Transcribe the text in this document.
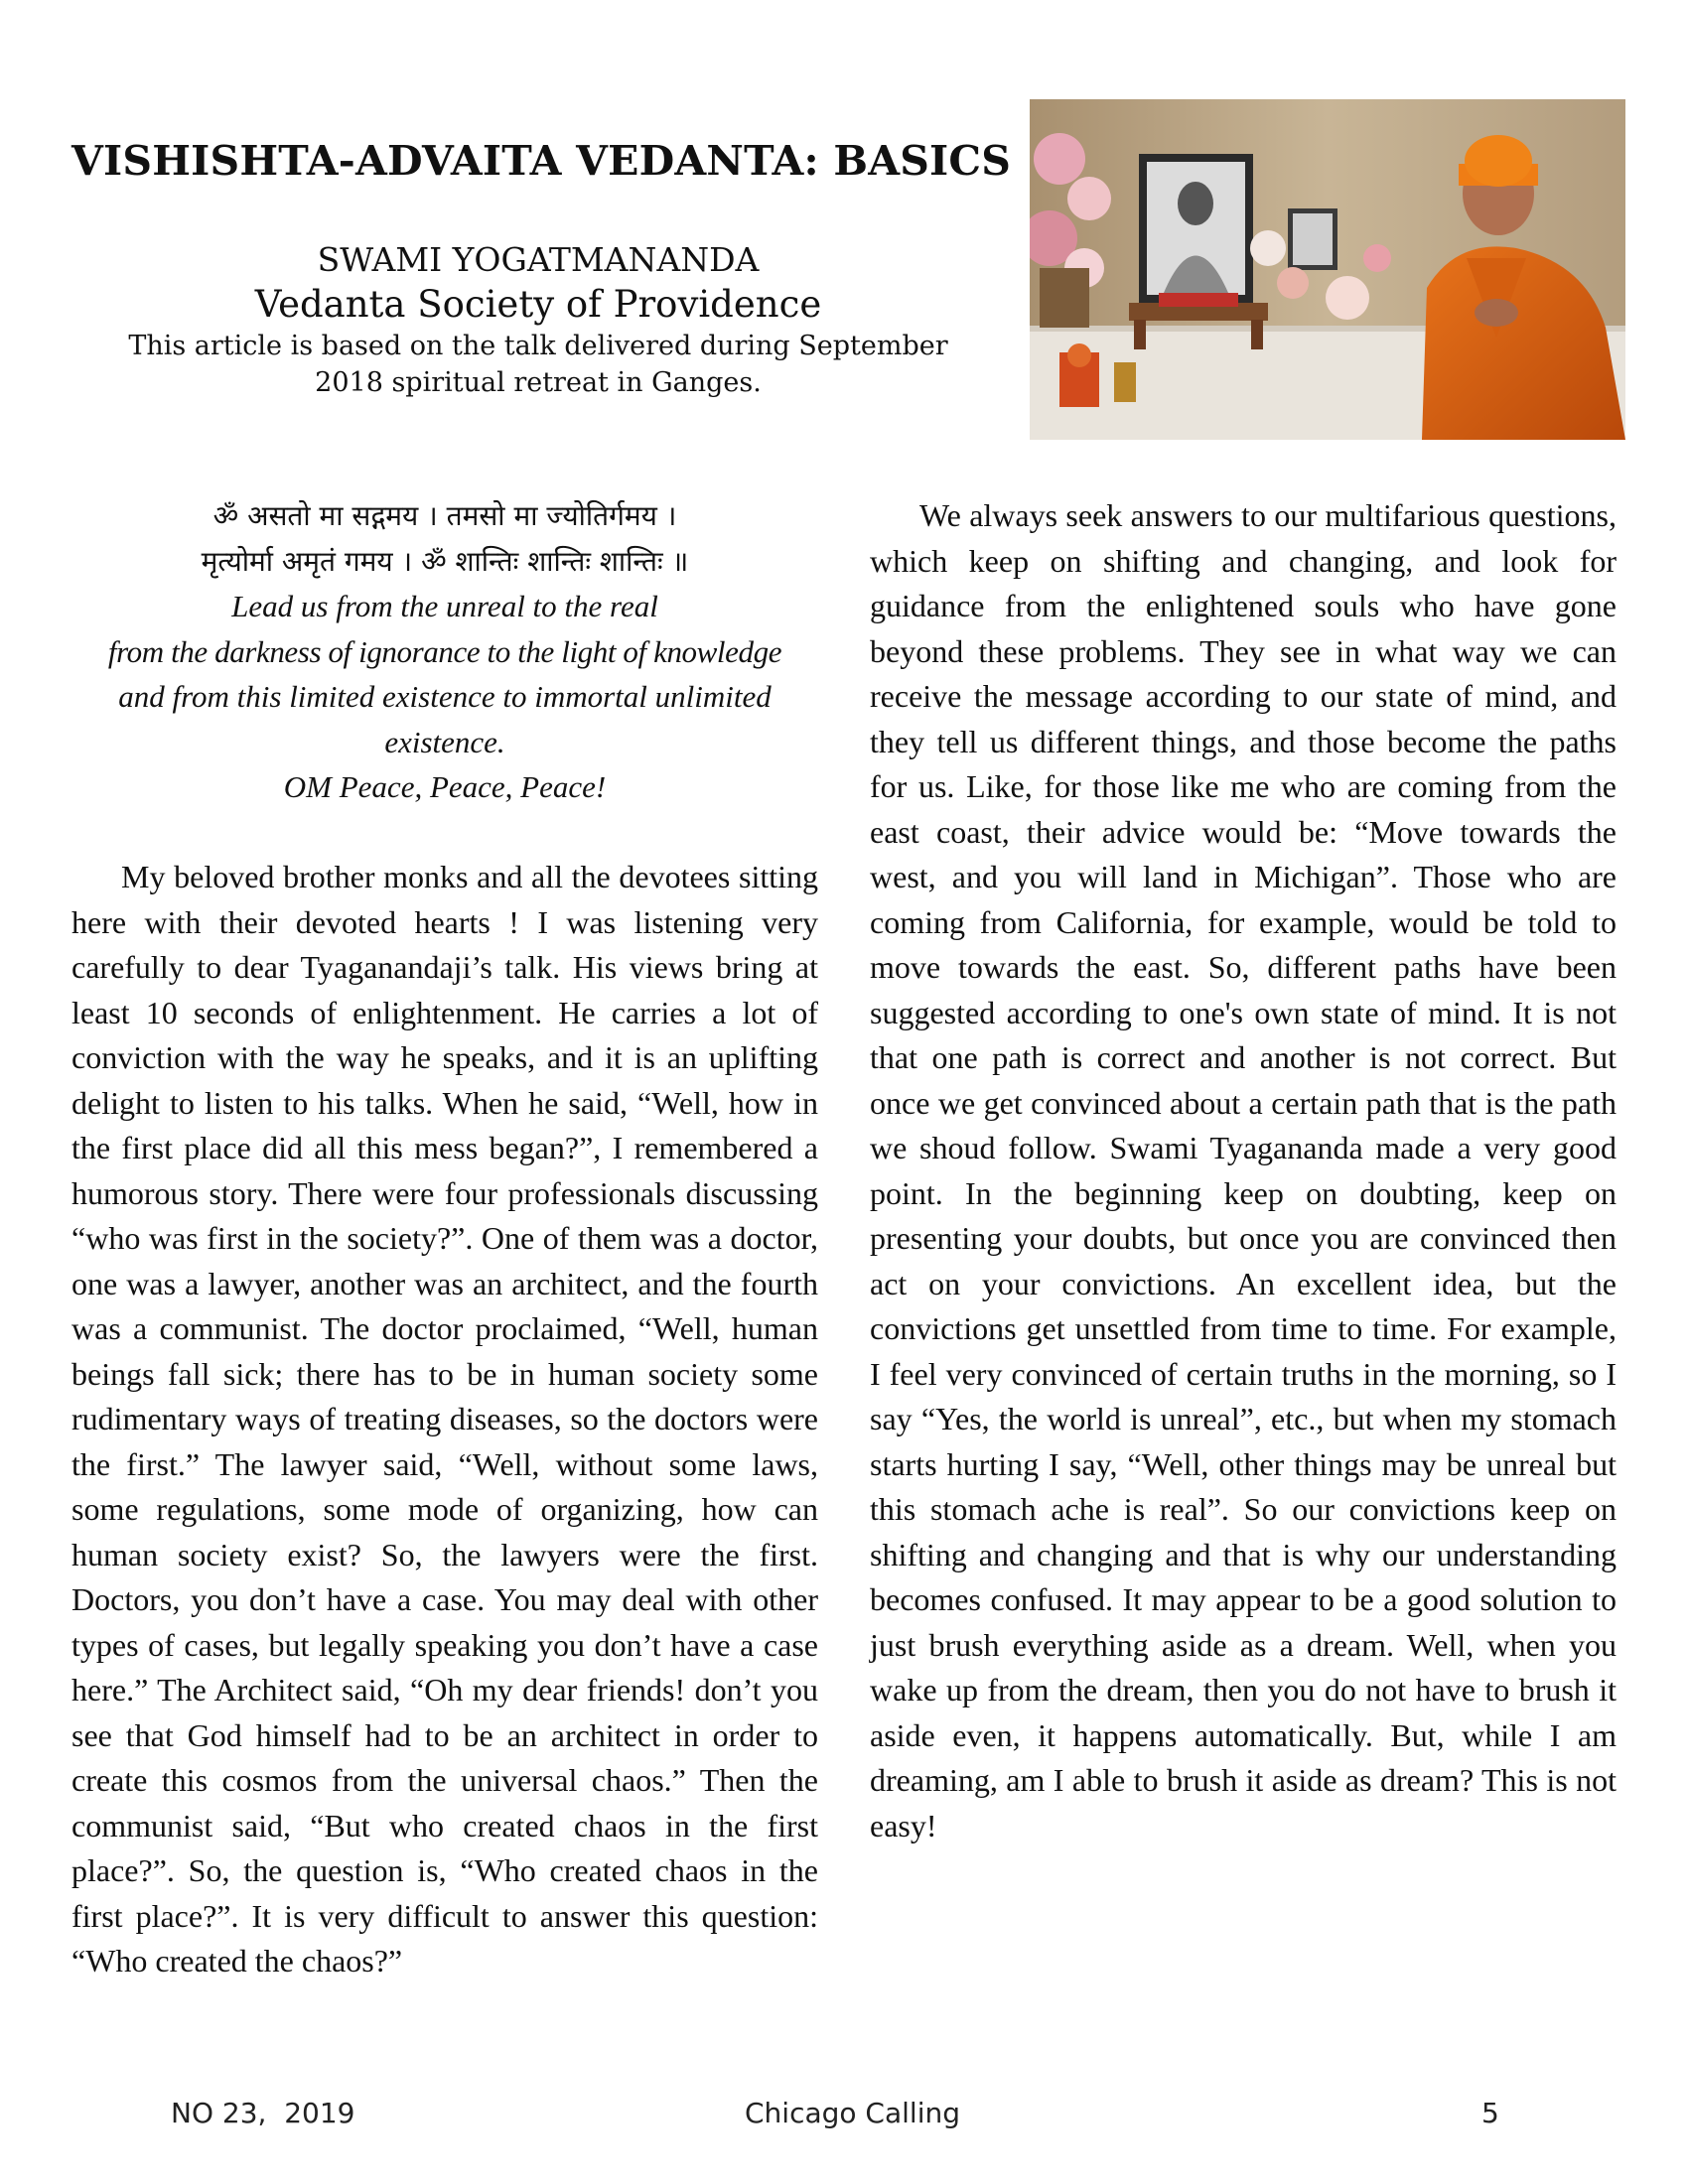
VISHISHTA-ADVAITA VEDANTA: BASICS
SWAMI YOGATMANANDA
Vedanta Society of Providence
This article is based on the talk delivered during September 2018 spiritual retreat in Ganges.
ॐ असतो मा सद्गमय । तमसो मा ज्योतिर्गमय ।
मृत्योर्मा अमृतं गमय । ॐ शान्तिः शान्तिः शान्तिः ॥
Lead us from the unreal to the real
from the darkness of ignorance to the light of knowledge
and from this limited existence to immortal unlimited existence.
OM Peace, Peace, Peace!

My beloved brother monks and all the devotees sitting here with their devoted hearts ! I was listening very carefully to dear Tyaganandaji’s talk. His views bring at least 10 seconds of enlightenment. He carries a lot of conviction with the way he speaks, and it is an uplifting delight to listen to his talks. When he said, “Well, how in the first place did all this mess began?”, I remembered a humorous story. There were four professionals discussing “who was first in the society?”. One of them was a doctor, one was a lawyer, another was an architect, and the fourth was a communist. The doctor proclaimed, “Well, human beings fall sick; there has to be in human society some rudimentary ways of treating diseases, so the doctors were the first.” The lawyer said, “Well, without some laws, some regulations, some mode of organizing, how can human society exist? So, the lawyers were the first. Doctors, you don’t have a case. You may deal with other types of cases, but legally speaking you don’t have a case here.” The Architect said, “Oh my dear friends! don’t you see that God himself had to be an architect in order to create this cosmos from the universal chaos.” Then the communist said, “But who created chaos in the first place?”. So, the question is, “Who created chaos in the first place?”. It is very difficult to answer this question: “Who created the chaos?”

We always seek answers to our multifarious questions, which keep on shifting and changing, and look for guidance from the enlightened souls who have gone beyond these problems. They see in what way we can receive the message according to our state of mind, and they tell us different things, and those become the paths for us. Like, for those like me who are coming from the east coast, their advice would be: “Move towards the west, and you will land in Michigan”. Those who are coming from California, for example, would be told to move towards the east. So, different paths have been suggested according to one's own state of mind. It is not that one path is correct and another is not correct. But once we get convinced about a certain path that is the path we shoud follow. Swami Tyagananda made a very good point. In the beginning keep on doubting, keep on presenting your doubts, but once you are convinced then act on your convictions. An excellent idea, but the convictions get unsettled from time to time. For example, I feel very convinced of certain truths in the morning, so I say “Yes, the world is unreal”, etc., but when my stomach starts hurting I say, “Well, other things may be unreal but this stomach ache is real”. So our convictions keep on shifting and changing and that is why our understanding becomes confused. It may appear to be a good solution to just brush everything aside as a dream. Well, when you wake up from the dream, then you do not have to brush it aside even, it happens automatically. But, while I am dreaming, am I able to brush it aside as dream? This is not easy!

NO 23,  2019	Chicago Calling	5
